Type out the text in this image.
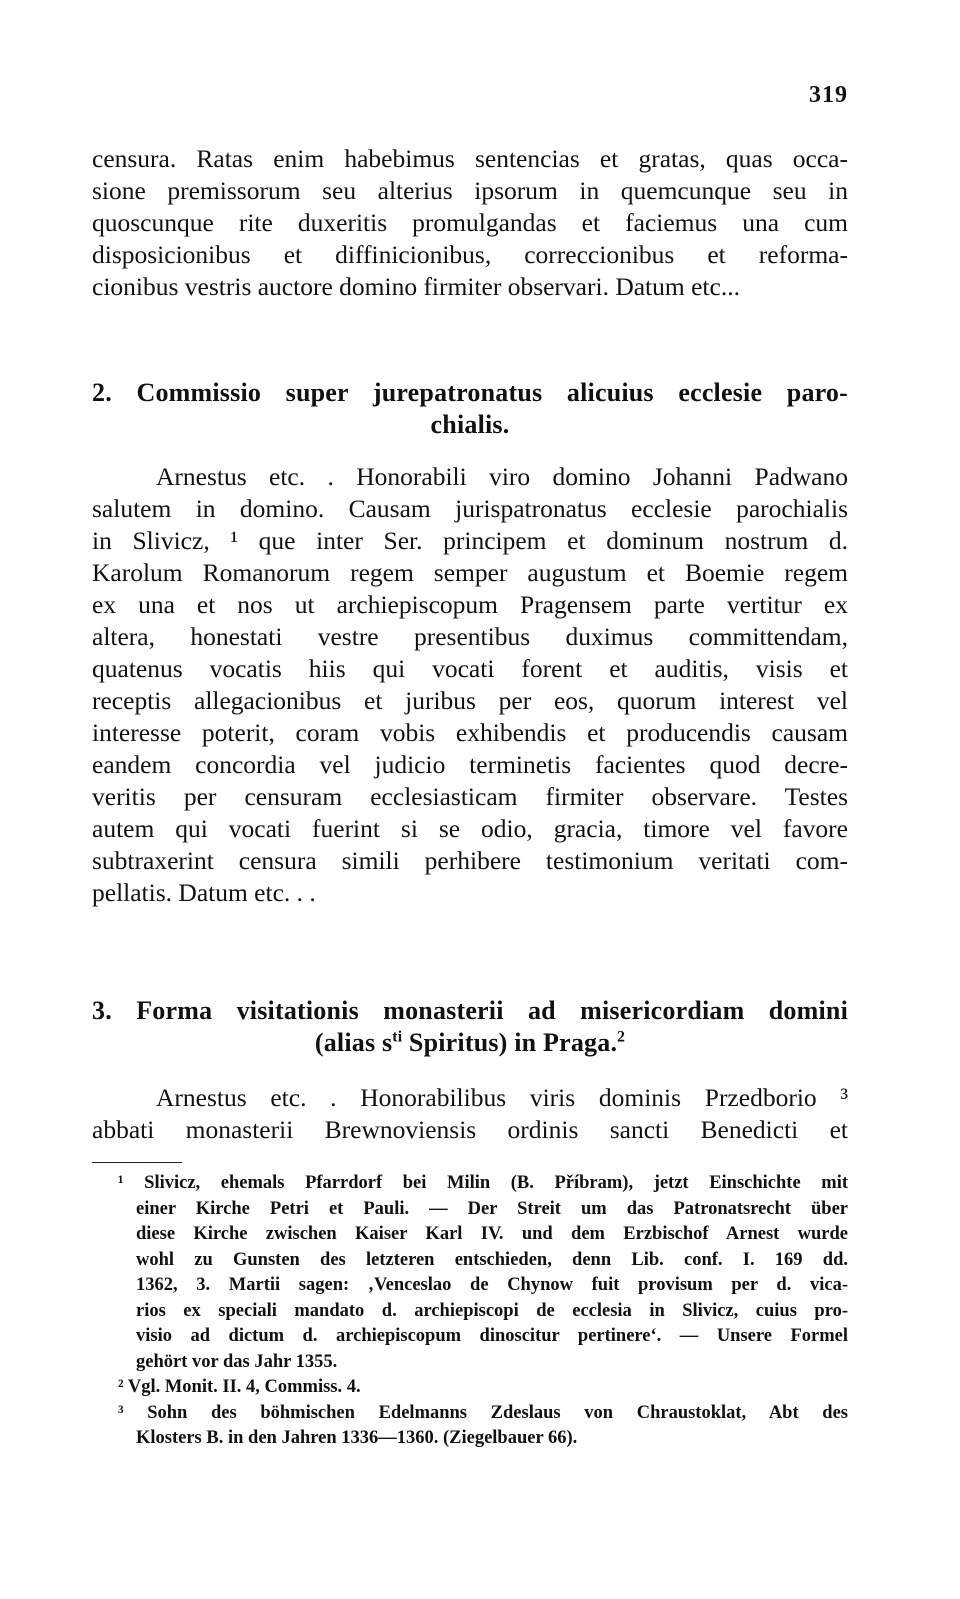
319
censura. Ratas enim habebimus sentencias et gratas, quas occa-
sione premissorum seu alterius ipsorum in quemcunque seu in
quoscunque rite duxeritis promulgandas et faciemus una cum
disposicionibus et diffinicionibus, correccionibus et reforma-
cionibus vestris auctore domino firmiter observari. Datum etc...
2. Commissio super jurepatronatus alicuius ecclesie paro-
chialis.
Arnestus etc. . Honorabili viro domino Johanni Padwano
salutem in domino. Causam jurispatronatus ecclesie parochialis
in Slivicz, ¹ que inter Ser. principem et dominum nostrum d.
Karolum Romanorum regem semper augustum et Boemie regem
ex una et nos ut archiepiscopum Pragensem parte vertitur ex
altera, honestati vestre presentibus duximus committendam,
quatenus vocatis hiis qui vocati forent et auditis, visis et
receptis allegacionibus et juribus per eos, quorum interest vel
interesse poterit, coram vobis exhibendis et producendis causam
eandem concordia vel judicio terminetis facientes quod decre-
veritis per censuram ecclesiasticam firmiter observare. Testes
autem qui vocati fuerint si se odio, gracia, timore vel favore
subtraxerint censura simili perhibere testimonium veritati com-
pellatis. Datum etc. . .
3. Forma visitationis monasterii ad misericordiam domini
(alias $s^{ti}$ Spiritus) in Praga.$^2$
Arnestus etc. . Honorabilibus viris dominis Przedborio ³
abbati monasterii Brewnoviensis ordinis sancti Benedicti et
¹ Slivicz, ehemals Pfarrdorf bei Milin (B. Příbram), jetzt Einschichte mit
einer Kirche Petri et Pauli. — Der Streit um das Patronatsrecht über
diese Kirche zwischen Kaiser Karl IV. und dem Erzbischof Arnest wurde
wohl zu Gunsten des letzteren entschieden, denn Lib. conf. I. 169 dd.
1362, 3. Martii sagen: ‚Venceslao de Chynow fuit provisum per d. vica-
rios ex speciali mandato d. archiepiscopi de ecclesia in Slivicz, cuius pro-
visio ad dictum d. archiepiscopum dinoscitur pertinere‘. — Unsere Formel
gehört vor das Jahr 1355.
² Vgl. Monit. II. 4, Commiss. 4.
³ Sohn des böhmischen Edelmanns Zdeslaus von Chraustoklat, Abt des
Klosters B. in den Jahren 1336—1360. (Ziegelbauer 66).
